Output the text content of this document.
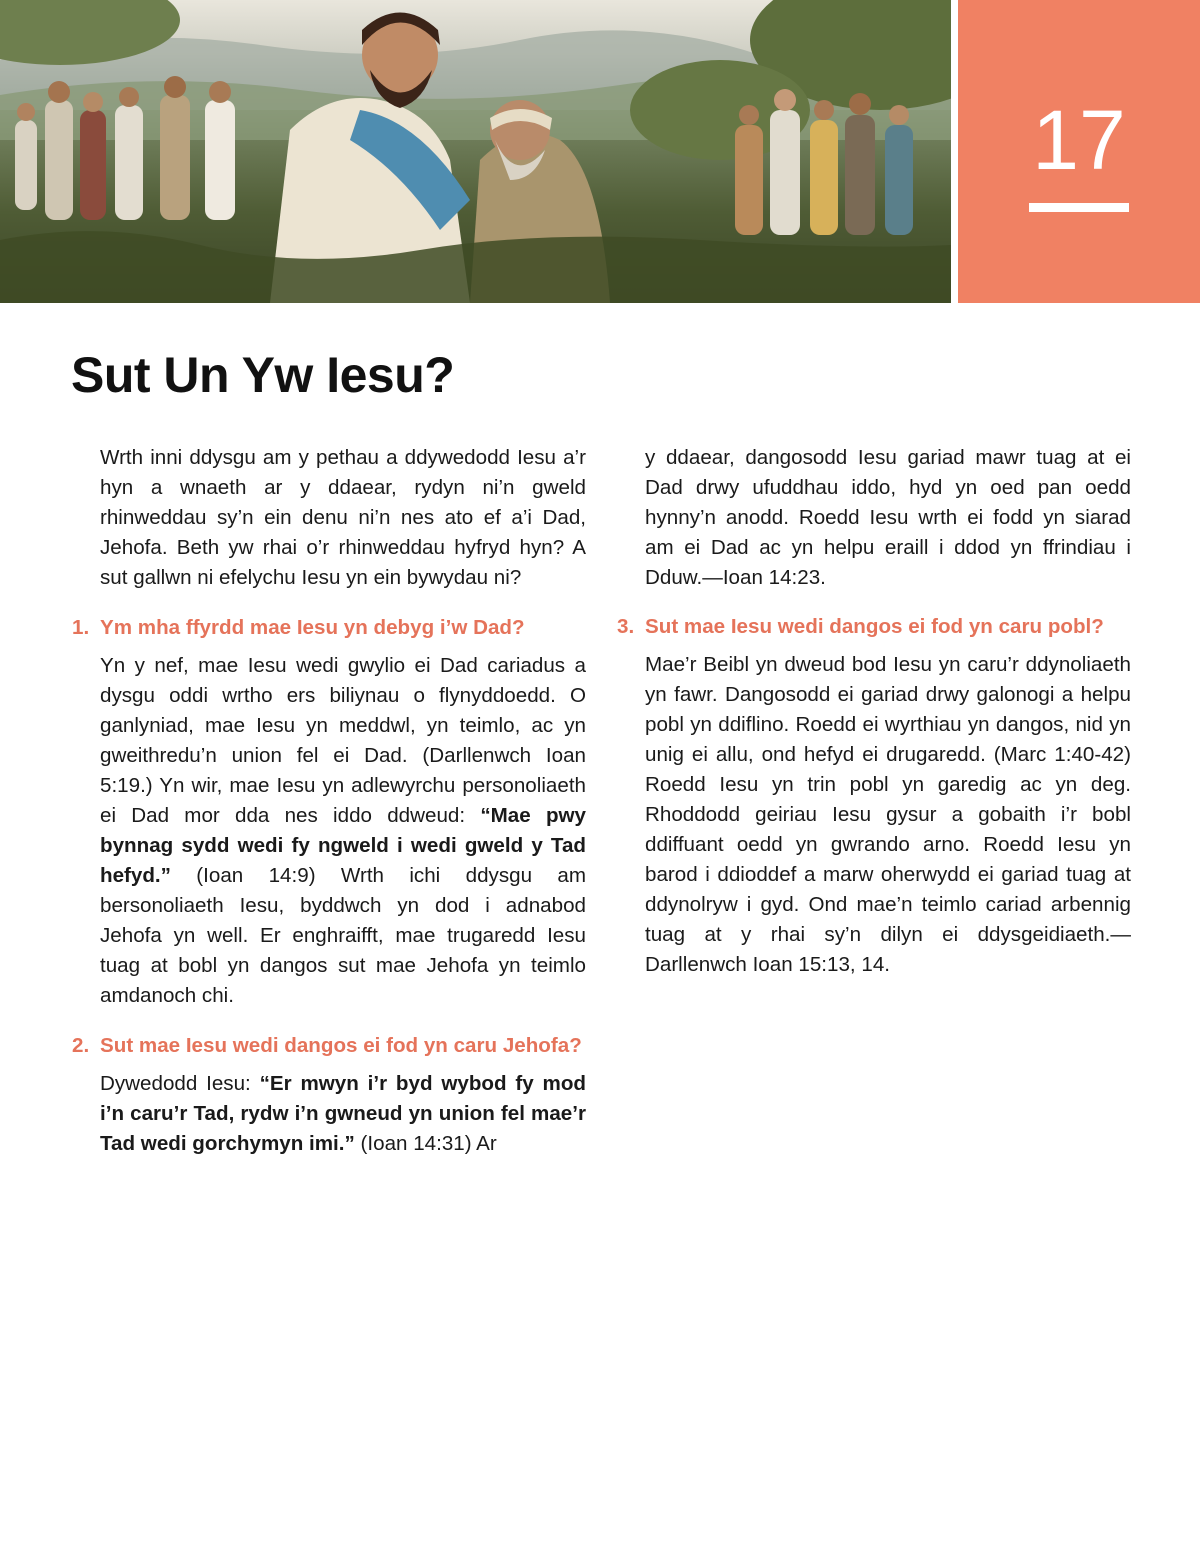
17
Sut Un Yw Iesu?

Wrth inni ddysgu am y pethau a ddywedodd Iesu a’r hyn a wnaeth ar y ddaear, rydyn ni’n gweld rhinweddau sy’n ein denu ni’n nes ato ef a’i Dad, Jehofa. Beth yw rhai o’r rhinweddau hyfryd hyn? A sut gallwn ni efelychu Iesu yn ein bywydau ni?

1. Ym mha ffyrdd mae Iesu yn debyg i’w Dad?

Yn y nef, mae Iesu wedi gwylio ei Dad cariadus a dysgu oddi wrtho ers biliynau o flynyddoedd. O ganlyniad, mae Iesu yn meddwl, yn teimlo, ac yn gweithredu’n union fel ei Dad. (Darllenwch Ioan 5:19.) Yn wir, mae Iesu yn adlewyrchu personoliaeth ei Dad mor dda nes iddo ddweud: “Mae pwy bynnag sydd wedi fy ngweld i wedi gweld y Tad hefyd.” (Ioan 14:9) Wrth ichi ddysgu am bersonoliaeth Iesu, byddwch yn dod i adnabod Jehofa yn well. Er enghraifft, mae trugaredd Iesu tuag at bobl yn dangos sut mae Jehofa yn teimlo amdanoch chi.

2. Sut mae Iesu wedi dangos ei fod yn caru Jehofa?

Dywedodd Iesu: “Er mwyn i’r byd wybod fy mod i’n caru’r Tad, rydw i’n gwneud yn union fel mae’r Tad wedi gorchymyn imi.” (Ioan 14:31) Ar

y ddaear, dangosodd Iesu gariad mawr tuag at ei Dad drwy ufuddhau iddo, hyd yn oed pan oedd hynny’n anodd. Roedd Iesu wrth ei fodd yn siarad am ei Dad ac yn helpu eraill i ddod yn ffrindiau i Dduw.—Ioan 14:23.

3. Sut mae Iesu wedi dangos ei fod yn caru pobl?

Mae’r Beibl yn dweud bod Iesu yn caru’r ddynoliaeth yn fawr. Dangosodd ei gariad drwy galonogi a helpu pobl yn ddiflino. Roedd ei wyrthiau yn dangos, nid yn unig ei allu, ond hefyd ei drugaredd. (Marc 1:40-42) Roedd Iesu yn trin pobl yn garedig ac yn deg. Rhoddodd geiriau Iesu gysur a gobaith i’r bobl ddiffuant oedd yn gwrando arno. Roedd Iesu yn barod i ddioddef a marw oherwydd ei gariad tuag at ddynolryw i gyd. Ond mae’n teimlo cariad arbennig tuag at y rhai sy’n dilyn ei ddysgeidiaeth.—Darllenwch Ioan 15:13, 14.
